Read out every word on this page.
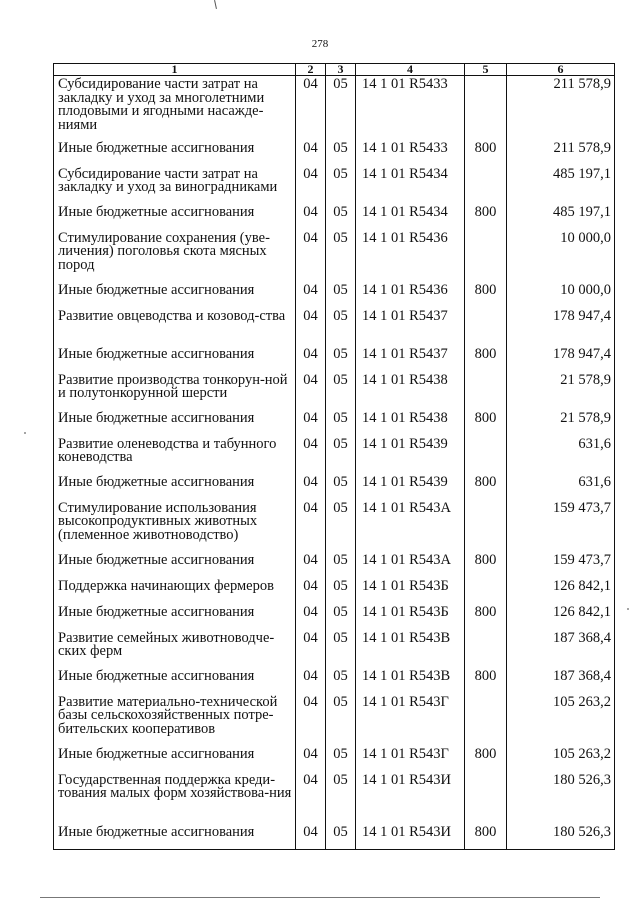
278
1	2	3	4	5	6
Субсидирование части затрат на закладку и уход за многолетними плодовыми и ягодными насажде-ниями	04	05	14 1 01 R5433		211 578,9
Иные бюджетные ассигнования	04	05	14 1 01 R5433	800	211 578,9
Субсидирование части затрат на закладку и уход за виноградниками	04	05	14 1 01 R5434		485 197,1
Иные бюджетные ассигнования	04	05	14 1 01 R5434	800	485 197,1
Стимулирование сохранения (уве-личения) поголовья скота мясных пород	04	05	14 1 01 R5436		10 000,0
Иные бюджетные ассигнования	04	05	14 1 01 R5436	800	10 000,0
Развитие овцеводства и козовод-ства	04	05	14 1 01 R5437		178 947,4
Иные бюджетные ассигнования	04	05	14 1 01 R5437	800	178 947,4
Развитие производства тонкорун-ной и полутонкорунной шерсти	04	05	14 1 01 R5438		21 578,9
Иные бюджетные ассигнования	04	05	14 1 01 R5438	800	21 578,9
Развитие оленеводства и табунного коневодства	04	05	14 1 01 R5439		631,6
Иные бюджетные ассигнования	04	05	14 1 01 R5439	800	631,6
Стимулирование использования высокопродуктивных животных (племенное животноводство)	04	05	14 1 01 R543А		159 473,7
Иные бюджетные ассигнования	04	05	14 1 01 R543А	800	159 473,7
Поддержка начинающих фермеров	04	05	14 1 01 R543Б		126 842,1
Иные бюджетные ассигнования	04	05	14 1 01 R543Б	800	126 842,1
Развитие семейных животноводче-ских ферм	04	05	14 1 01 R543В		187 368,4
Иные бюджетные ассигнования	04	05	14 1 01 R543В	800	187 368,4
Развитие материально-технической базы сельскохозяйственных потре-бительских кооперативов	04	05	14 1 01 R543Г		105 263,2
Иные бюджетные ассигнования	04	05	14 1 01 R543Г	800	105 263,2
Государственная поддержка креди-тования малых форм хозяйствова-ния	04	05	14 1 01 R543И		180 526,3
Иные бюджетные ассигнования	04	05	14 1 01 R543И	800	180 526,3
